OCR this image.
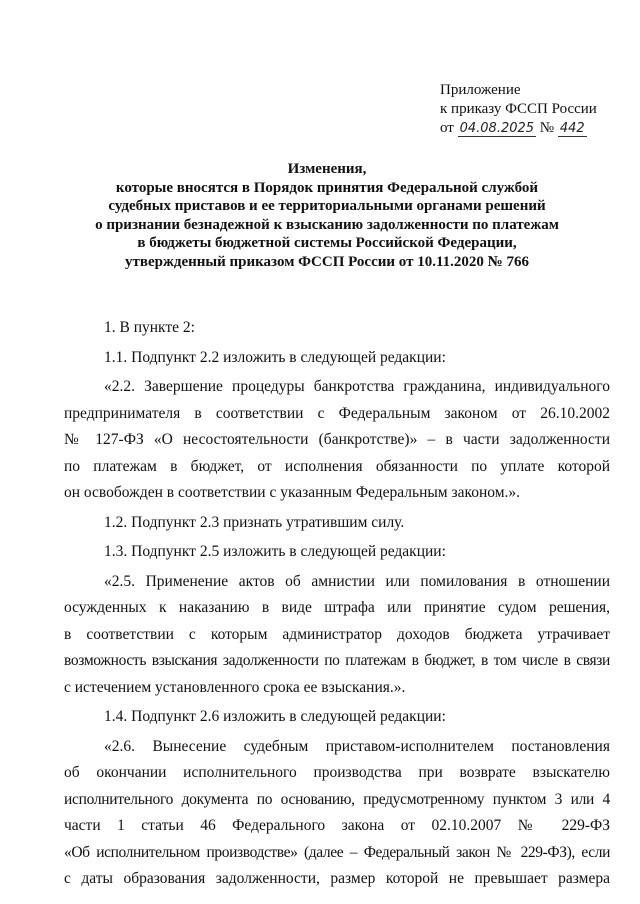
Приложение
к приказу ФССП России
от 04.08.2025 № 442
Изменения,
которые вносятся в Порядок принятия Федеральной службой
судебных приставов и ее территориальными органами решений
о признании безнадежной к взысканию задолженности по платежам
в бюджеты бюджетной системы Российской Федерации,
утвержденный приказом ФССП России от 10.11.2020 № 766

1. В пункте 2:

1.1. Подпункт 2.2 изложить в следующей редакции:

«2.2. Завершение процедуры банкротства гражданина, индивидуального

предпринимателя в соответствии с Федеральным законом от 26.10.2002

№ 127-ФЗ «О несостоятельности (банкротстве)» – в части задолженности

по платежам в бюджет, от исполнения обязанности по уплате которой

он освобожден в соответствии с указанным Федеральным законом.».

1.2. Подпункт 2.3 признать утратившим силу.

1.3. Подпункт 2.5 изложить в следующей редакции:

«2.5. Применение актов об амнистии или помилования в отношении

осужденных к наказанию в виде штрафа или принятие судом решения,

в соответствии с которым администратор доходов бюджета утрачивает

возможность взыскания задолженности по платежам в бюджет, в том числе в связи

с истечением установленного срока ее взыскания.».

1.4. Подпункт 2.6 изложить в следующей редакции:

«2.6. Вынесение судебным приставом-исполнителем постановления

об окончании исполнительного производства при возврате взыскателю

исполнительного документа по основанию, предусмотренному пунктом 3 или 4

части 1 статьи 46 Федерального закона от 02.10.2007 № 229-ФЗ

«Об исполнительном производстве» (далее – Федеральный закон № 229-ФЗ), если

с даты образования задолженности, размер которой не превышает размера
